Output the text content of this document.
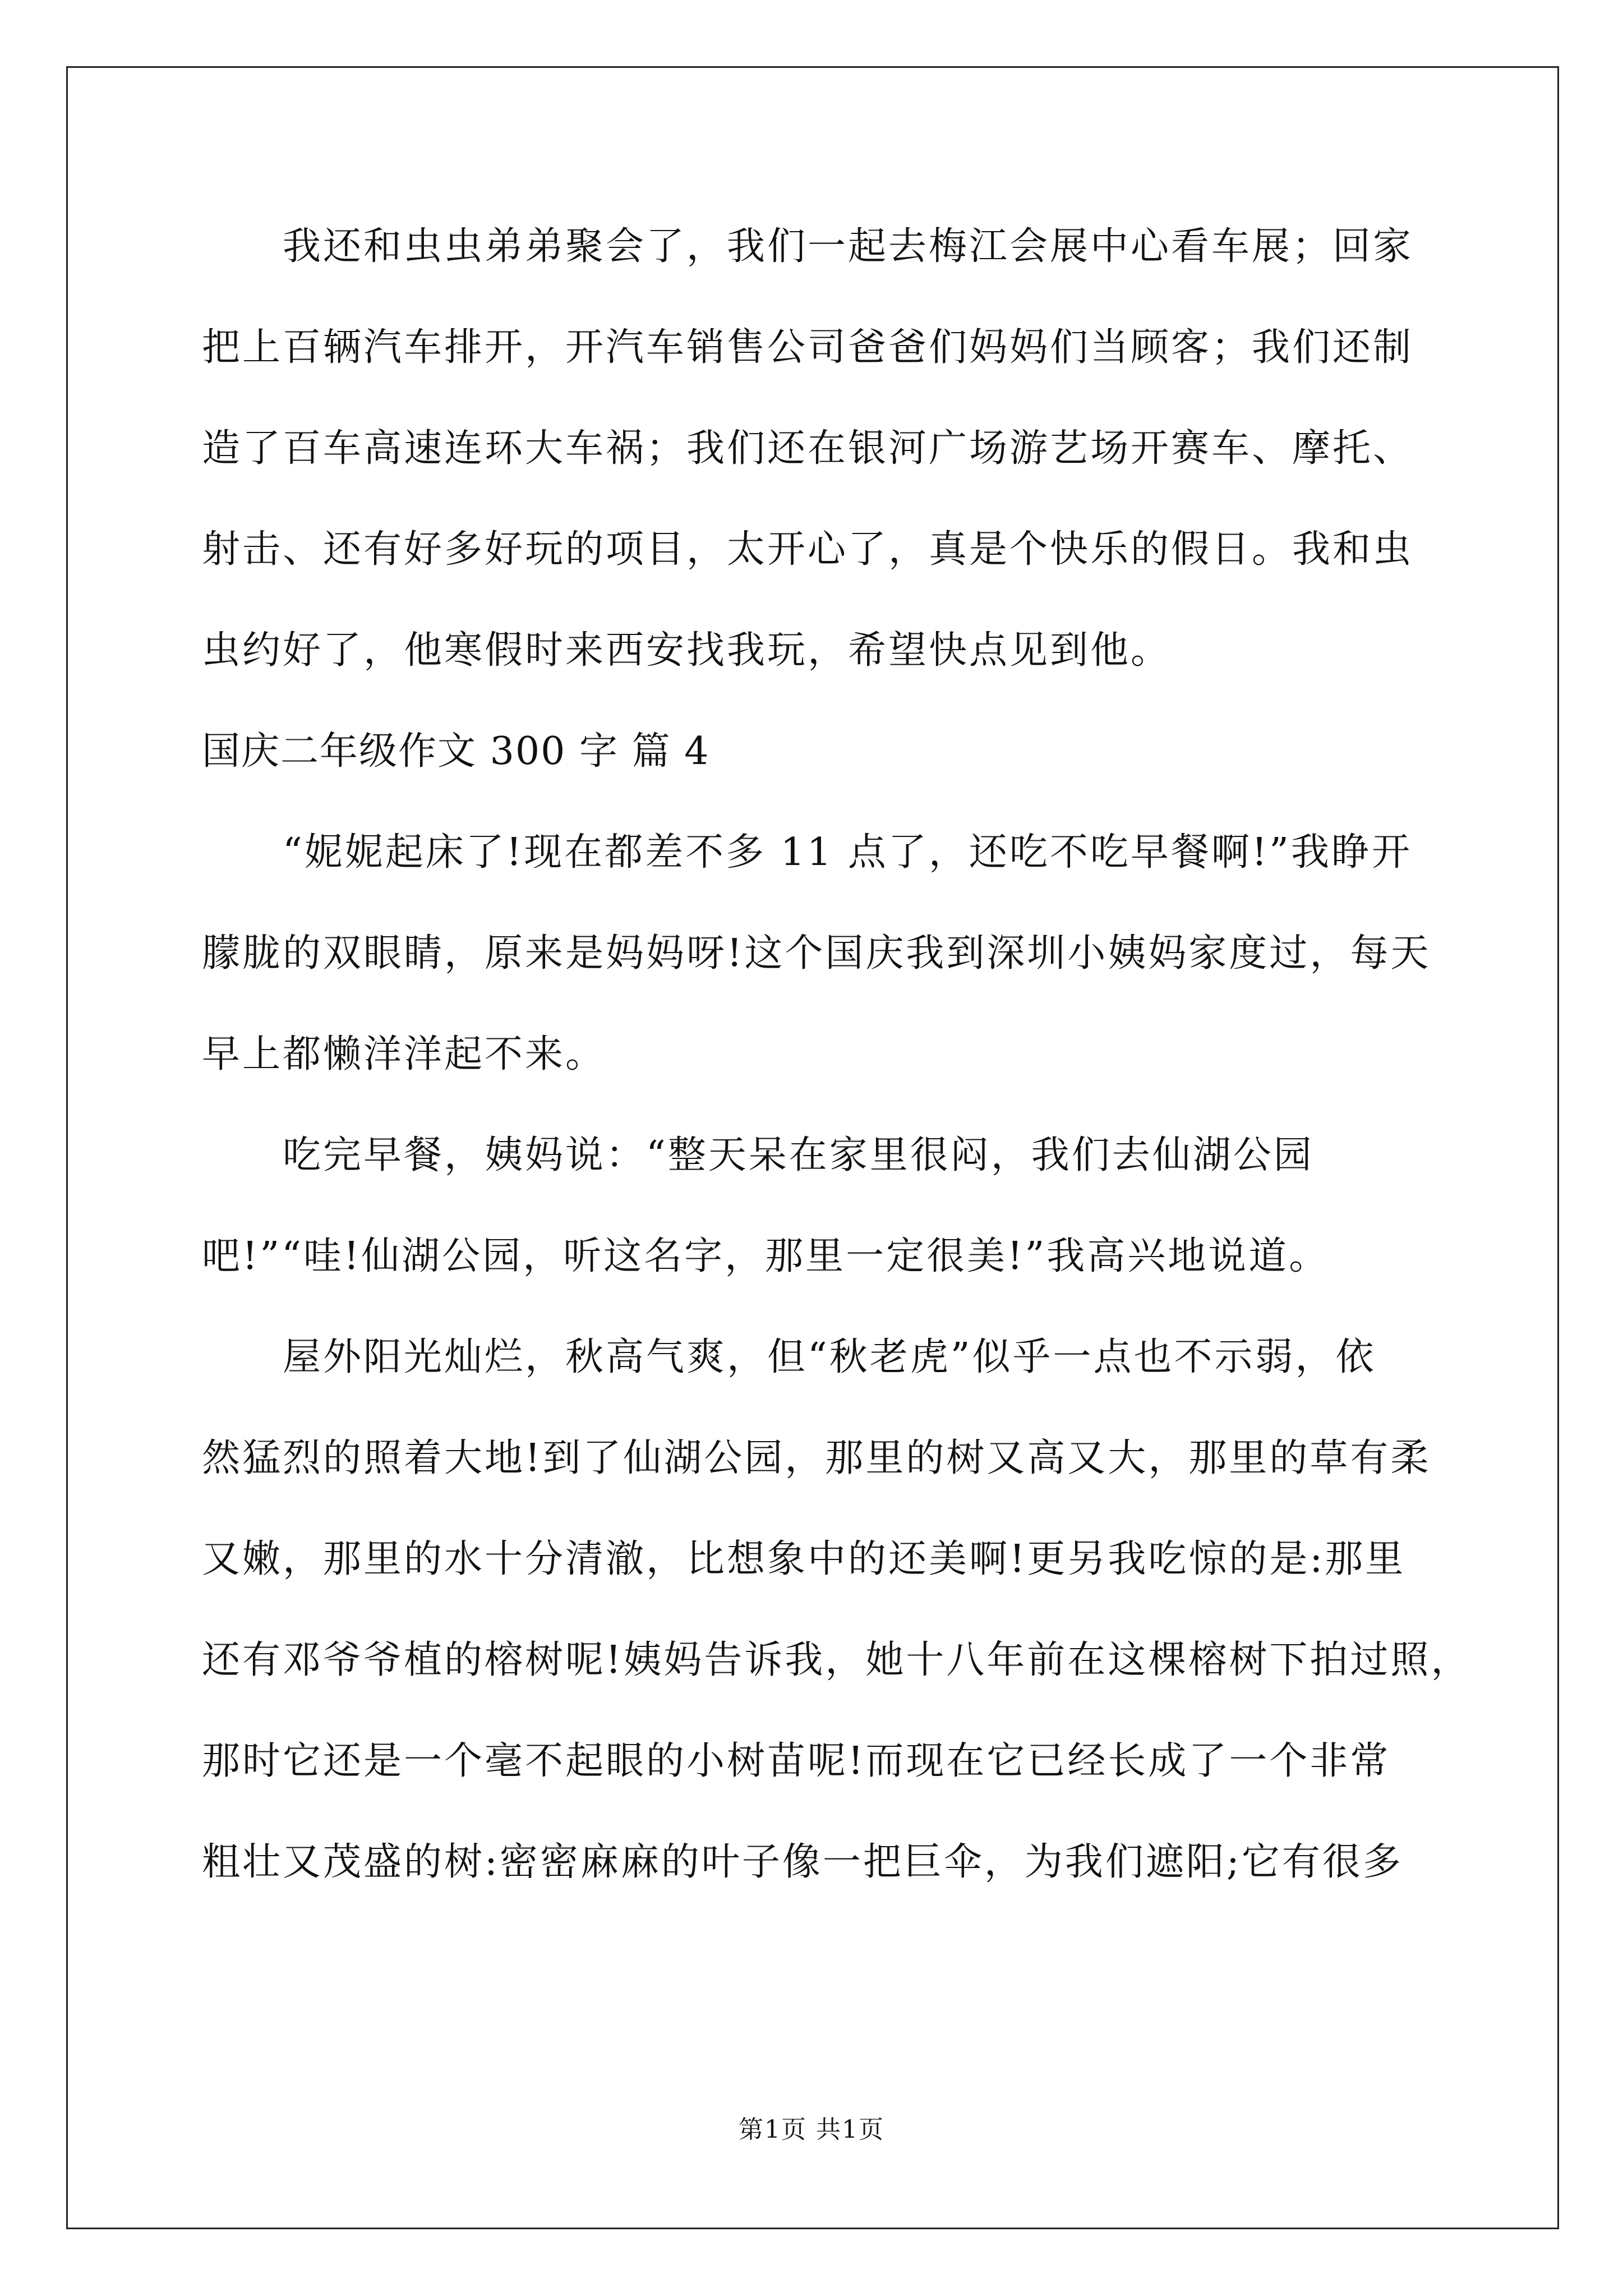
我还和虫虫弟弟聚会了，我们一起去梅江会展中心看车展；回家
把上百辆汽车排开，开汽车销售公司爸爸们妈妈们当顾客；我们还制
造了百车高速连环大车祸；我们还在银河广场游艺场开赛车、摩托、
射击、还有好多好玩的项目，太开心了，真是个快乐的假日。我和虫
虫约好了，他寒假时来西安找我玩，希望快点见到他。
国庆二年级作文 300 字 篇 4
“妮妮起床了!现在都差不多 11 点了，还吃不吃早餐啊!”我睁开
朦胧的双眼睛，原来是妈妈呀!这个国庆我到深圳小姨妈家度过，每天
早上都懒洋洋起不来。
吃完早餐，姨妈说：“整天呆在家里很闷，我们去仙湖公园
吧!”“哇!仙湖公园，听这名字，那里一定很美!”我高兴地说道。
屋外阳光灿烂，秋高气爽，但“秋老虎”似乎一点也不示弱，依
然猛烈的照着大地!到了仙湖公园，那里的树又高又大，那里的草有柔
又嫩，那里的水十分清澈，比想象中的还美啊!更另我吃惊的是:那里
还有邓爷爷植的榕树呢!姨妈告诉我，她十八年前在这棵榕树下拍过照，
那时它还是一个毫不起眼的小树苗呢!而现在它已经长成了一个非常
粗壮又茂盛的树:密密麻麻的叶子像一把巨伞，为我们遮阳;它有很多
第1页 共1页
